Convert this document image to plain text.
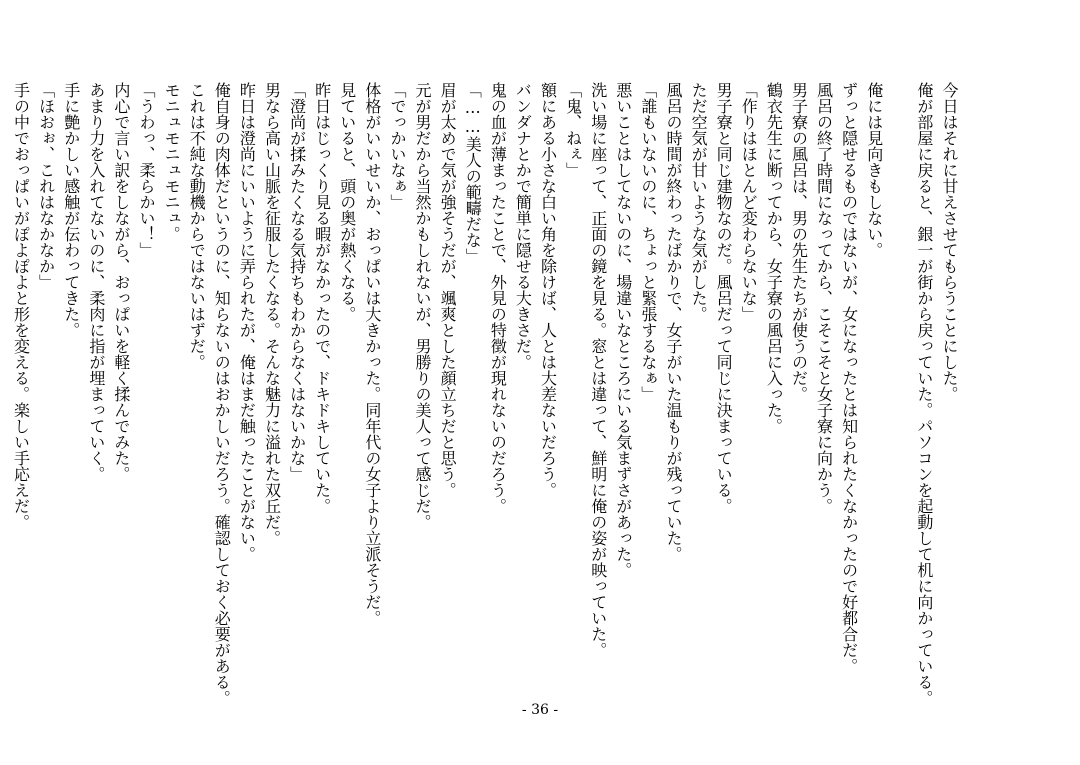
今日はそれに甘えさせてもらうことにした。
俺が部屋に戻ると、銀一が街から戻っていた。パソコンを起動して机に向かっている。
俺には見向きもしない。
ずっと隠せるものではないが、女になったとは知られたくなかったので好都合だ。
風呂の終了時間になってから、こそこそと女子寮に向かう。
男子寮の風呂は、男の先生たちが使うのだ。
鶴衣先生に断ってから、女子寮の風呂に入った。
「作りはほとんど変わらないな」
男子寮と同じ建物なのだ。風呂だって同じに決まっている。
ただ空気が甘いような気がした。
風呂の時間が終わったばかりで、女子がいた温もりが残っていた。
「誰もいないのに、ちょっと緊張するなぁ」
悪いことはしてないのに、場違いなところにいる気まずさがあった。
洗い場に座って、正面の鏡を見る。窓とは違って、鮮明に俺の姿が映っていた。
「鬼、ねぇ」
額にある小さな白い角を除けば、人とは大差ないだろう。
バンダナとかで簡単に隠せる大きさだ。
鬼の血が薄まったことで、外見の特徴が現れないのだろう。
「……美人の範疇だな」
眉が太めで気が強そうだが、颯爽とした顔立ちだと思う。
元が男だから当然かもしれないが、男勝りの美人って感じだ。
「でっかいなぁ」
体格がいいせいか、おっぱいは大きかった。同年代の女子より立派そうだ。
見ていると、頭の奥が熱くなる。
昨日はじっくり見る暇がなかったので、ドキドキしていた。
「澄尚が揉みたくなる気持ちもわからなくはないかな」
男なら高い山脈を征服したくなる。そんな魅力に溢れた双丘だ。
昨日は澄尚にいいように弄られたが、俺はまだ触ったことがない。
俺自身の肉体だというのに、知らないのはおかしいだろう。確認しておく必要がある。
これは不純な動機からではないはずだ。
モニュモニュモニュ。
「うわっ、柔らかい！」
内心で言い訳をしながら、おっぱいを軽く揉んでみた。
あまり力を入れてないのに、柔肉に指が埋まっていく。
手に艶かしい感触が伝わってきた。
「ほおぉ、これはなかなか」
手の中でおっぱいがぽよぽよと形を変える。楽しい手応えだ。
- 36 -
